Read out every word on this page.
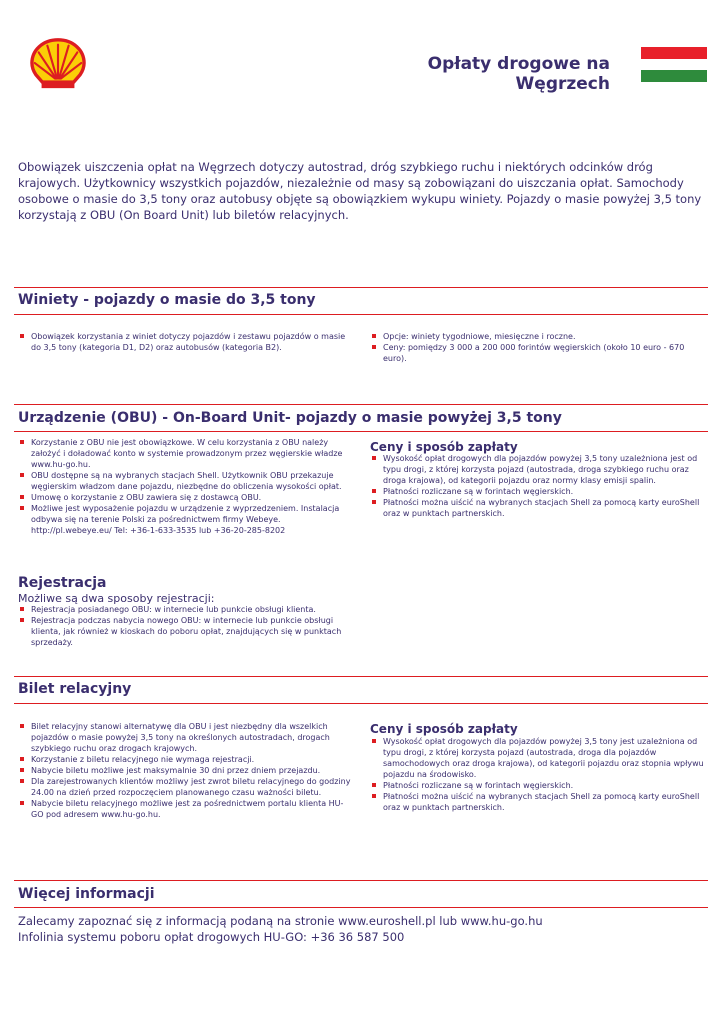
Opłaty drogowe na Węgrzech
Obowiązek uiszczenia opłat na Węgrzech dotyczy autostrad, dróg szybkiego ruchu i niektórych odcinków dróg krajowych. Użytkownicy wszystkich pojazdów, niezależnie od masy są zobowiązani do uiszczania opłat. Samochody osobowe o masie do 3,5 tony oraz autobusy objęte są obowiązkiem wykupu winiety. Pojazdy o masie powyżej 3,5 tony korzystają z OBU (On Board Unit) lub biletów relacyjnych.
Winiety - pojazdy o masie do 3,5 tony
Obowiązek korzystania z winiet dotyczy pojazdów i zestawu pojazdów o masie do 3,5 tony (kategoria D1, D2) oraz autobusów (kategoria B2).
Opcje: winiety tygodniowe, miesięczne i roczne.
Ceny: pomiędzy 3 000 a 200 000 forintów węgierskich (około 10 euro - 670 euro).
Urządzenie (OBU) - On-Board Unit- pojazdy o masie powyżej 3,5 tony
Korzystanie z OBU nie jest obowiązkowe. W celu korzystania z OBU należy założyć i doładować konto w systemie prowadzonym przez węgierskie władze www.hu-go.hu.
OBU dostępne są na wybranych stacjach Shell. Użytkownik OBU przekazuje węgierskim władzom dane pojazdu, niezbędne do obliczenia wysokości opłat.
Umowę o korzystanie z OBU zawiera się z dostawcą OBU.
Możliwe jest wyposażenie pojazdu w urządzenie z wyprzedzeniem. Instalacja odbywa się na terenie Polski za pośrednictwem firmy Webeye. http://pl.webeye.eu/ Tel: +36-1-633-3535 lub +36-20-285-8202
Ceny i sposób zapłaty
Wysokość opłat drogowych dla pojazdów powyżej 3,5 tony uzależniona jest od typu drogi, z której korzysta pojazd (autostrada, droga szybkiego ruchu oraz droga krajowa), od kategorii pojazdu oraz normy klasy emisji spalin.
Płatności rozliczane są w forintach węgierskich.
Płatności można uiścić na wybranych stacjach Shell za pomocą karty euroShell oraz w punktach partnerskich.
Rejestracja
Możliwe są dwa sposoby rejestracji:
Rejestracja posiadanego OBU: w internecie lub punkcie obsługi klienta.
Rejestracja podczas nabycia nowego OBU: w internecie lub punkcie obsługi klienta, jak również w kioskach do poboru opłat, znajdujących się w punktach sprzedaży.
Bilet relacyjny
Bilet relacyjny stanowi alternatywę dla OBU i jest niezbędny dla wszelkich pojazdów o masie powyżej 3,5 tony na określonych autostradach, drogach szybkiego ruchu oraz drogach krajowych.
Korzystanie z biletu relacyjnego nie wymaga rejestracji.
Nabycie biletu możliwe jest maksymalnie 30 dni przez dniem przejazdu.
Dla zarejestrowanych klientów możliwy jest zwrot biletu relacyjnego do godziny 24.00 na dzień przed rozpoczęciem planowanego czasu ważności biletu.
Nabycie biletu relacyjnego możliwe jest za pośrednictwem portalu klienta HU-GO pod adresem www.hu-go.hu.
Ceny i sposób zapłaty
Wysokość opłat drogowych dla pojazdów powyżej 3,5 tony jest uzależniona od typu drogi, z której korzysta pojazd (autostrada, droga dla pojazdów samochodowych oraz droga krajowa), od kategorii pojazdu oraz stopnia wpływu pojazdu na środowisko.
Płatności rozliczane są w forintach węgierskich.
Płatności można uiścić na wybranych stacjach Shell za pomocą karty euroShell oraz w punktach partnerskich.
Więcej informacji
Zalecamy zapoznać się z informacją podaną na stronie www.euroshell.pl lub www.hu-go.hu
Infolinia systemu poboru opłat drogowych HU-GO: +36 36 587 500
